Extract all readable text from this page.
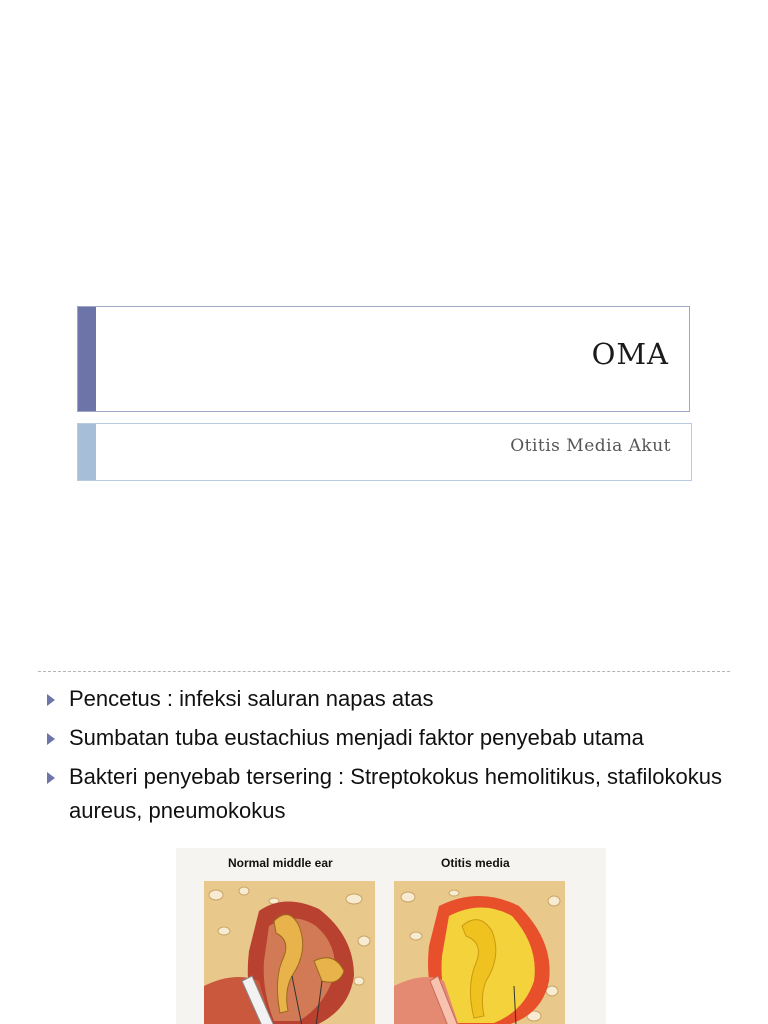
OMA
Otitis Media Akut
Pencetus : infeksi saluran napas atas
Sumbatan tuba eustachius menjadi faktor penyebab utama
Bakteri penyebab tersering : Streptokokus hemolitikus, stafilokokus aureus, pneumokokus
Normal middle ear	Otitis media
